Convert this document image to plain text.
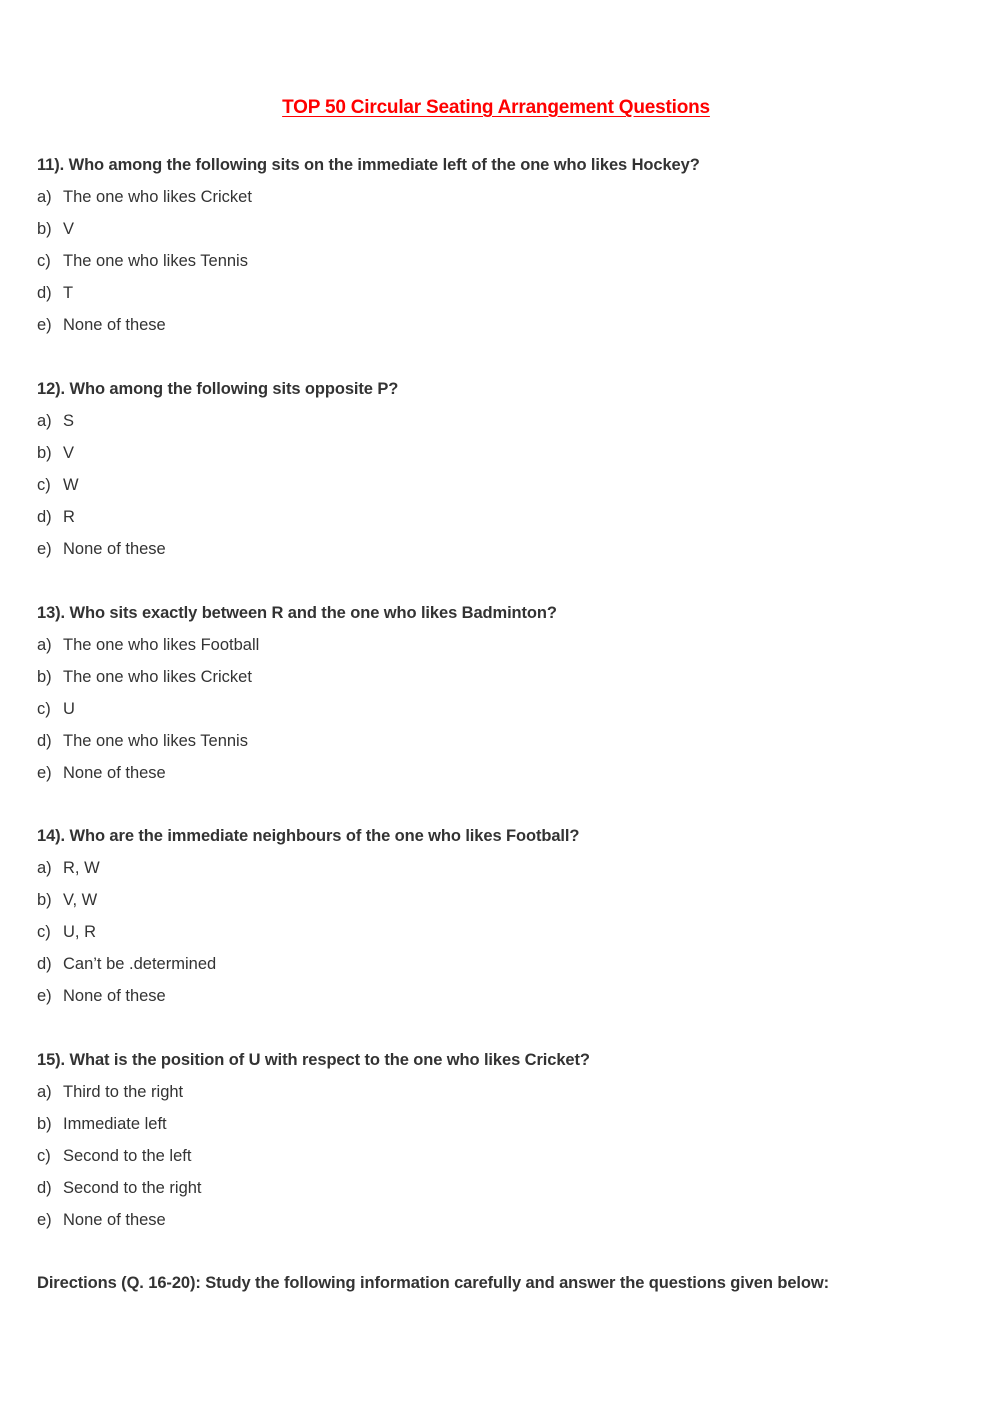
TOP 50 Circular Seating Arrangement Questions
11). Who among the following sits on the immediate left of the one who likes Hockey?
a) The one who likes Cricket
b) V
c) The one who likes Tennis
d) T
e) None of these
12). Who among the following sits opposite P?
a) S
b) V
c) W
d) R
e) None of these
13). Who sits exactly between R and the one who likes Badminton?
a) The one who likes Football
b) The one who likes Cricket
c) U
d) The one who likes Tennis
e) None of these
14). Who are the immediate neighbours of the one who likes Football?
a) R, W
b) V, W
c) U, R
d) Can’t be .determined
e) None of these
15). What is the position of U with respect to the one who likes Cricket?
a) Third to the right
b) Immediate left
c) Second to the left
d) Second to the right
e) None of these
Directions (Q. 16-20): Study the following information carefully and answer the questions given below:
